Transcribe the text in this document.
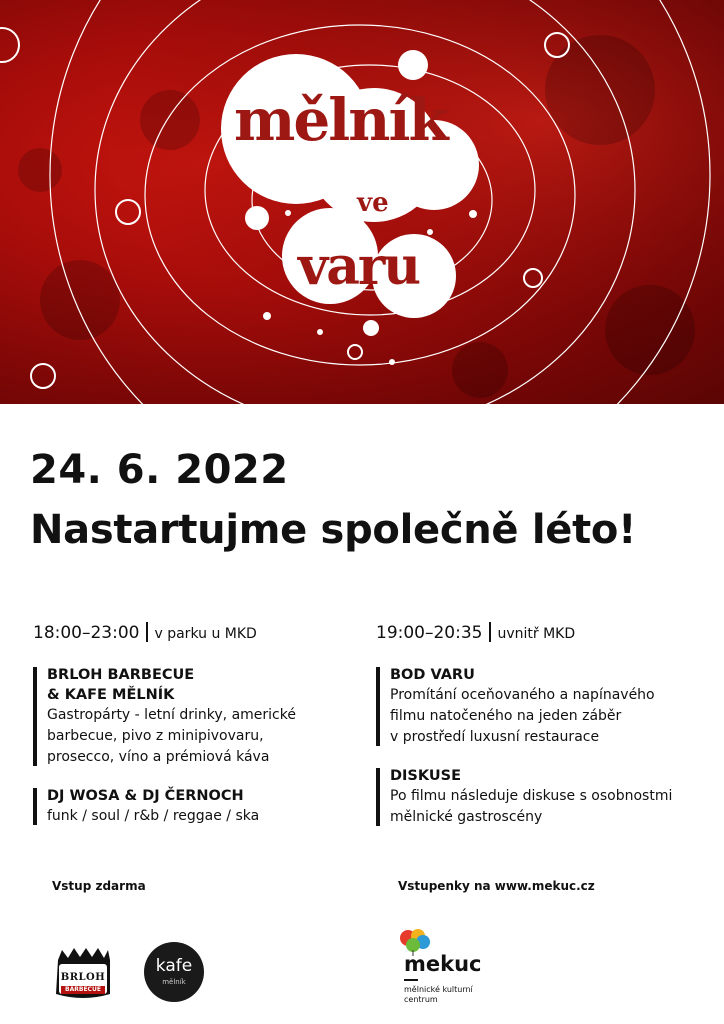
mělník
ve
varu
24. 6. 2022
Nastartujme společně léto!
18:00–23:00 v parku u MKD
BRLOH BARBECUE
& KAFE MĚLNÍK
Gastropárty - letní drinky, americké
barbecue, pivo z minipivovaru,
prosecco, víno a prémiová káva
DJ WOSA & DJ ČERNOCH
funk / soul / r&b / reggae / ska
Vstup zdarma
19:00–20:35 uvnitř MKD
BOD VARU
Promítání oceňovaného a napínavého
filmu natočeného na jeden záběr
v prostředí luxusní restaurace
DISKUSE
Po filmu následuje diskuse s osobnostmi
mělnické gastroscény
Vstupenky na www.mekuc.cz
BRLOH
BARBECUE
kafe
mělník
mekuc
mělnické kulturní
centrum
